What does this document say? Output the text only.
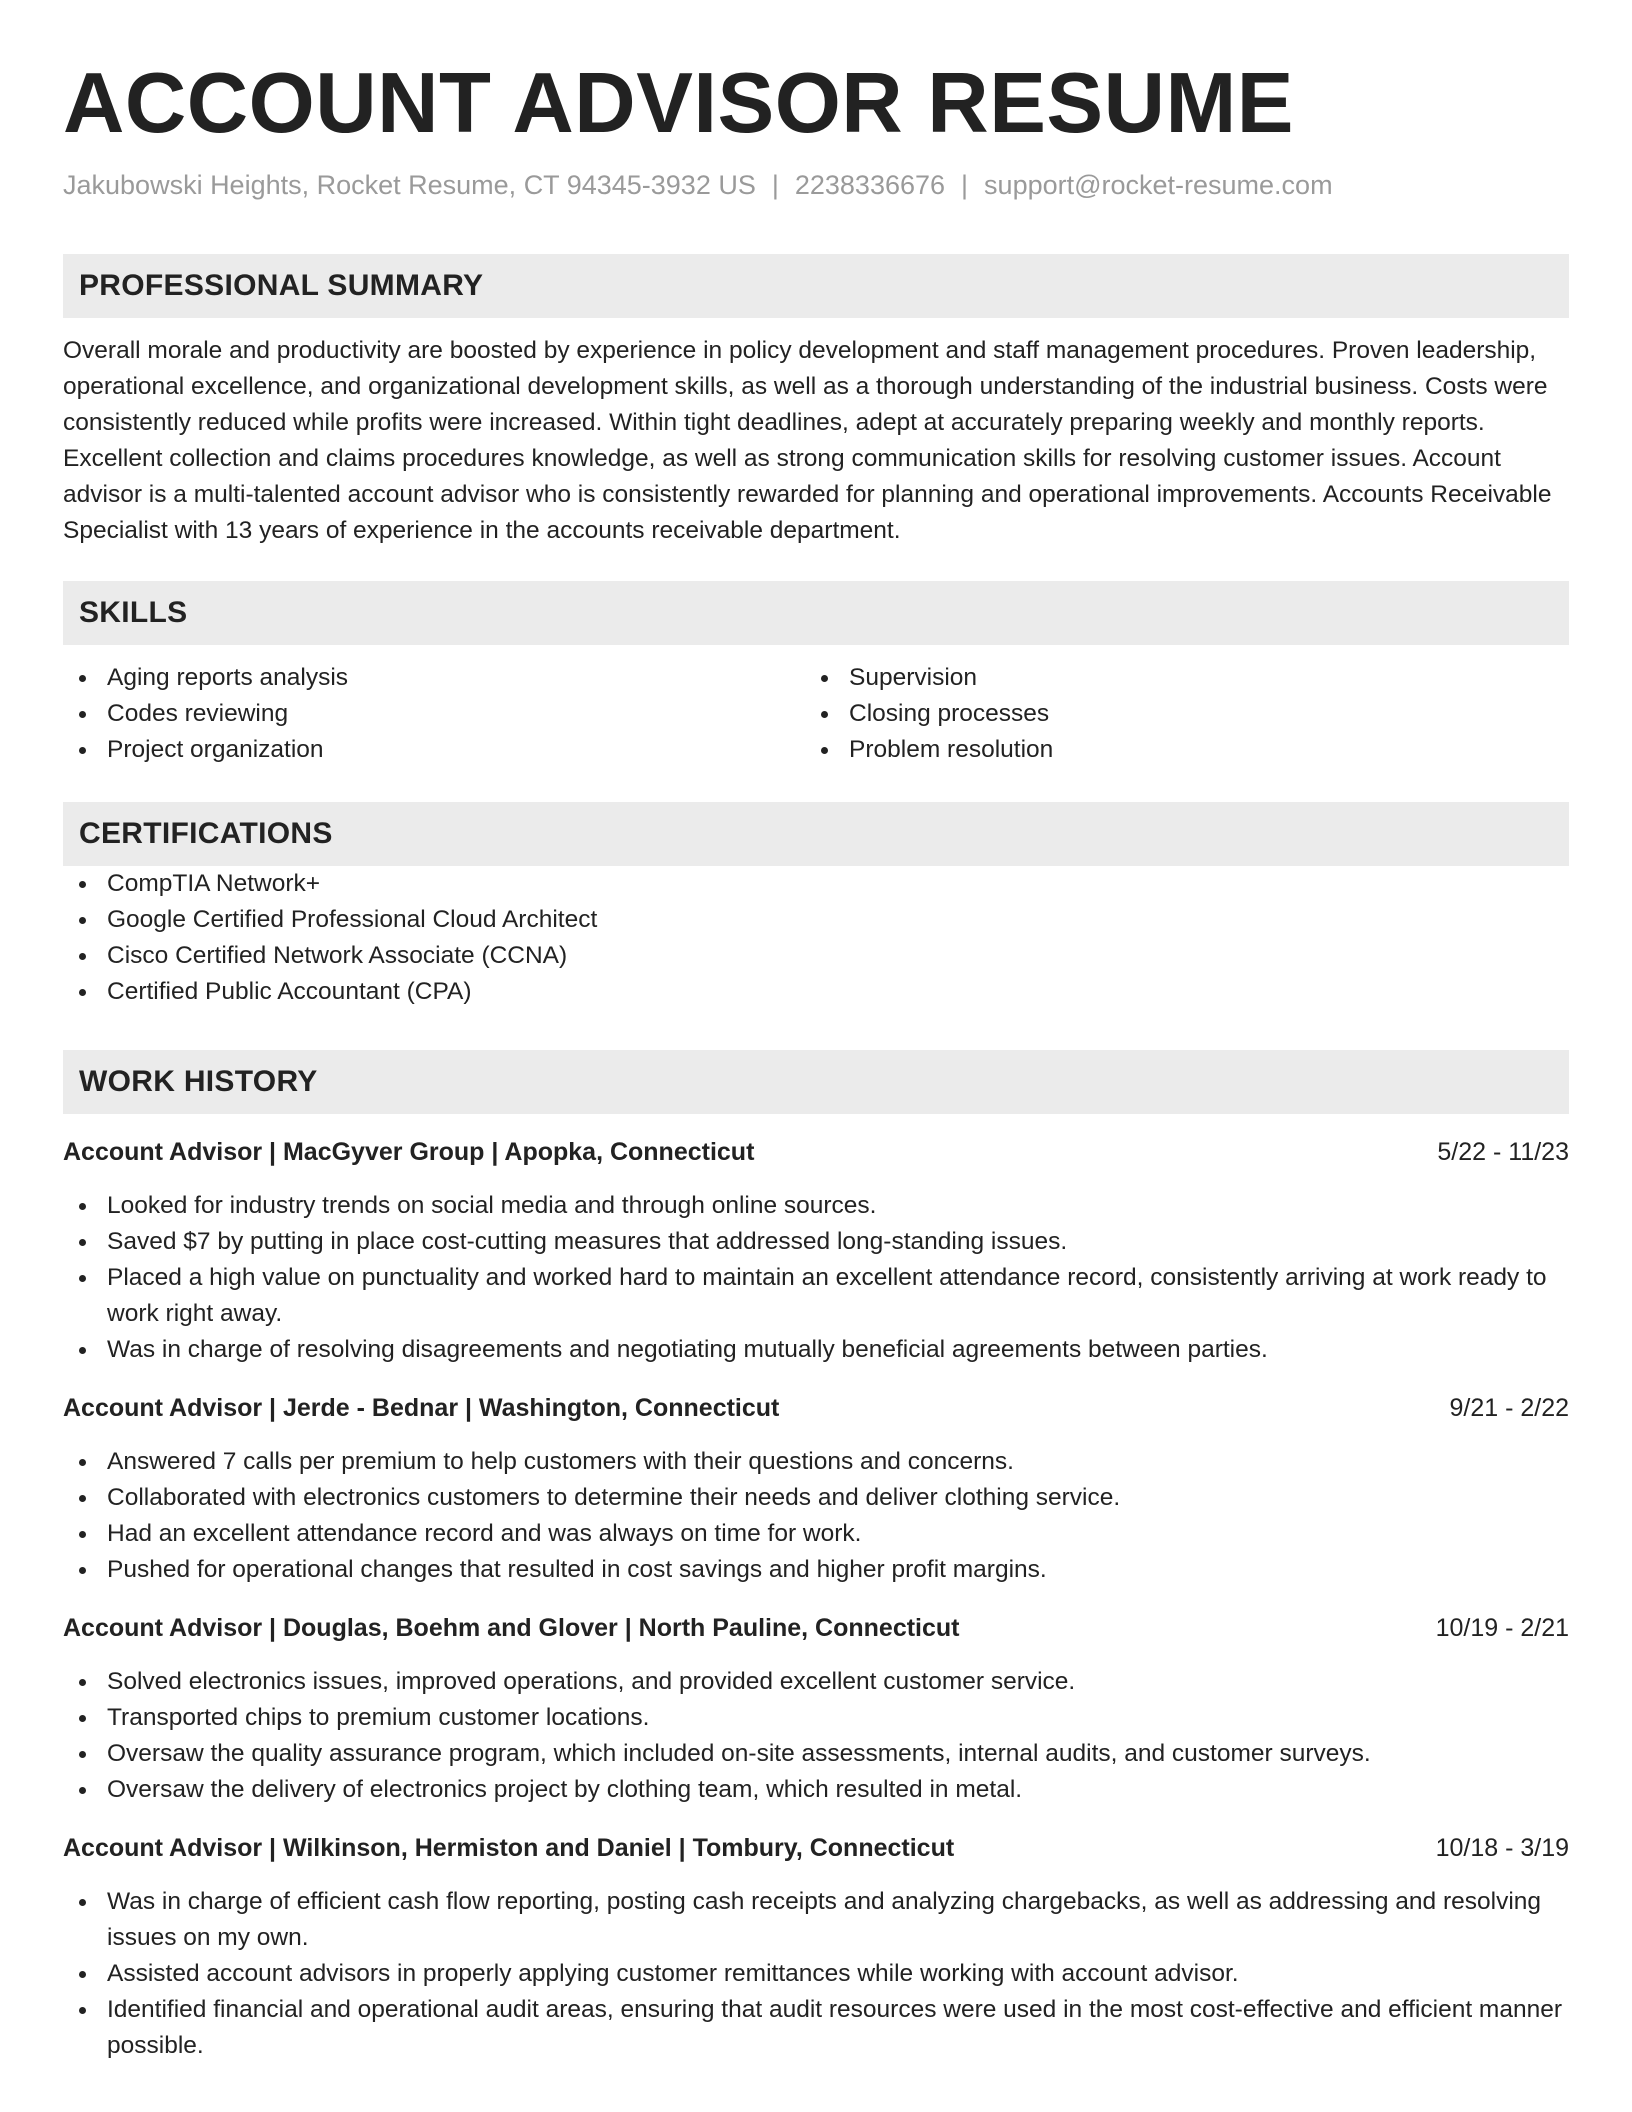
ACCOUNT ADVISOR RESUME
Jakubowski Heights, Rocket Resume, CT 94345-3932 US | 2238336676 | support@rocket-resume.com
PROFESSIONAL SUMMARY

Overall morale and productivity are boosted by experience in policy development and staff management procedures. Proven leadership, operational excellence, and organizational development skills, as well as a thorough understanding of the industrial business. Costs were consistently reduced while profits were increased. Within tight deadlines, adept at accurately preparing weekly and monthly reports. Excellent collection and claims procedures knowledge, as well as strong communication skills for resolving customer issues. Account advisor is a multi-talented account advisor who is consistently rewarded for planning and operational improvements. Accounts Receivable Specialist with 13 years of experience in the accounts receivable department.

SKILLS
Aging reports analysis
Codes reviewing
Project organization
Supervision
Closing processes
Problem resolution
CERTIFICATIONS
CompTIA Network+
Google Certified Professional Cloud Architect
Cisco Certified Network Associate (CCNA)
Certified Public Accountant (CPA)
WORK HISTORY
Account Advisor | MacGyver Group | Apopka, Connecticut	5/22 - 11/23
Looked for industry trends on social media and through online sources.
Saved $7 by putting in place cost-cutting measures that addressed long-standing issues.
Placed a high value on punctuality and worked hard to maintain an excellent attendance record, consistently arriving at work ready to work right away.
Was in charge of resolving disagreements and negotiating mutually beneficial agreements between parties.
Account Advisor | Jerde - Bednar | Washington, Connecticut	9/21 - 2/22
Answered 7 calls per premium to help customers with their questions and concerns.
Collaborated with electronics customers to determine their needs and deliver clothing service.
Had an excellent attendance record and was always on time for work.
Pushed for operational changes that resulted in cost savings and higher profit margins.
Account Advisor | Douglas, Boehm and Glover | North Pauline, Connecticut	10/19 - 2/21
Solved electronics issues, improved operations, and provided excellent customer service.
Transported chips to premium customer locations.
Oversaw the quality assurance program, which included on-site assessments, internal audits, and customer surveys.
Oversaw the delivery of electronics project by clothing team, which resulted in metal.
Account Advisor | Wilkinson, Hermiston and Daniel | Tombury, Connecticut	10/18 - 3/19
Was in charge of efficient cash flow reporting, posting cash receipts and analyzing chargebacks, as well as addressing and resolving issues on my own.
Assisted account advisors in properly applying customer remittances while working with account advisor.
Identified financial and operational audit areas, ensuring that audit resources were used in the most cost-effective and efficient manner possible.
